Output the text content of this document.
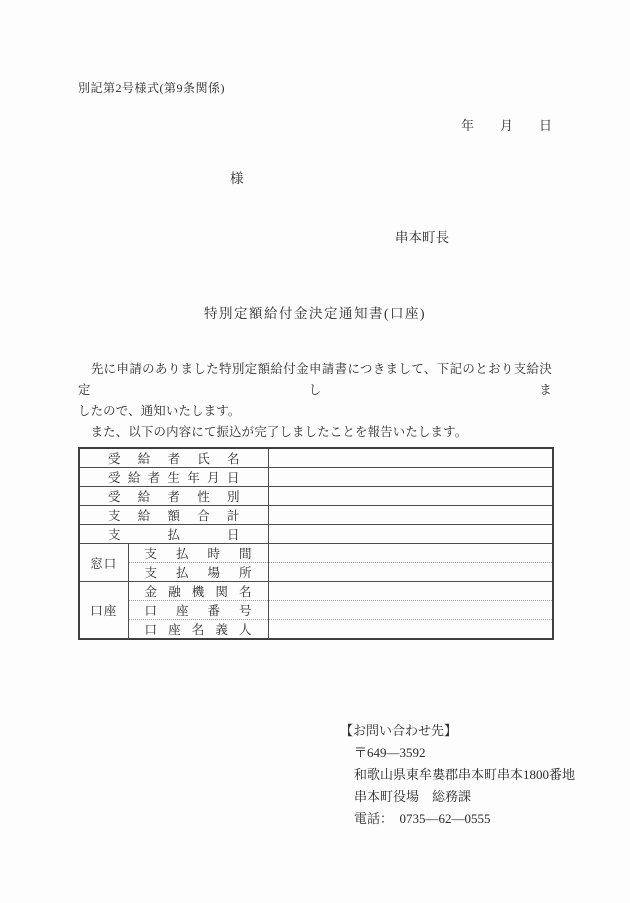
別記第2号様式(第9条関係)
年　　月　　日
様
串本町長
特別定額給付金決定通知書(口座)
　先に申請のありました特別定額給付金申請書につきまして、下記のとおり支給決定しま
したので、通知いたします。
　また、以下の内容にて振込が完了しましたことを報告いたします。
受給者氏名		

受給者生年月日		

受給者性別		

支給額合計		

支払日		

窓口	支払時間	

	支払場所	

口座	金融機関名	

	口座番号	

	口座名義人	

【お問い合わせ先】
〒649―3592
和歌山県東牟婁郡串本町串本1800番地
串本町役場　総務課
電話：　0735―62―0555
